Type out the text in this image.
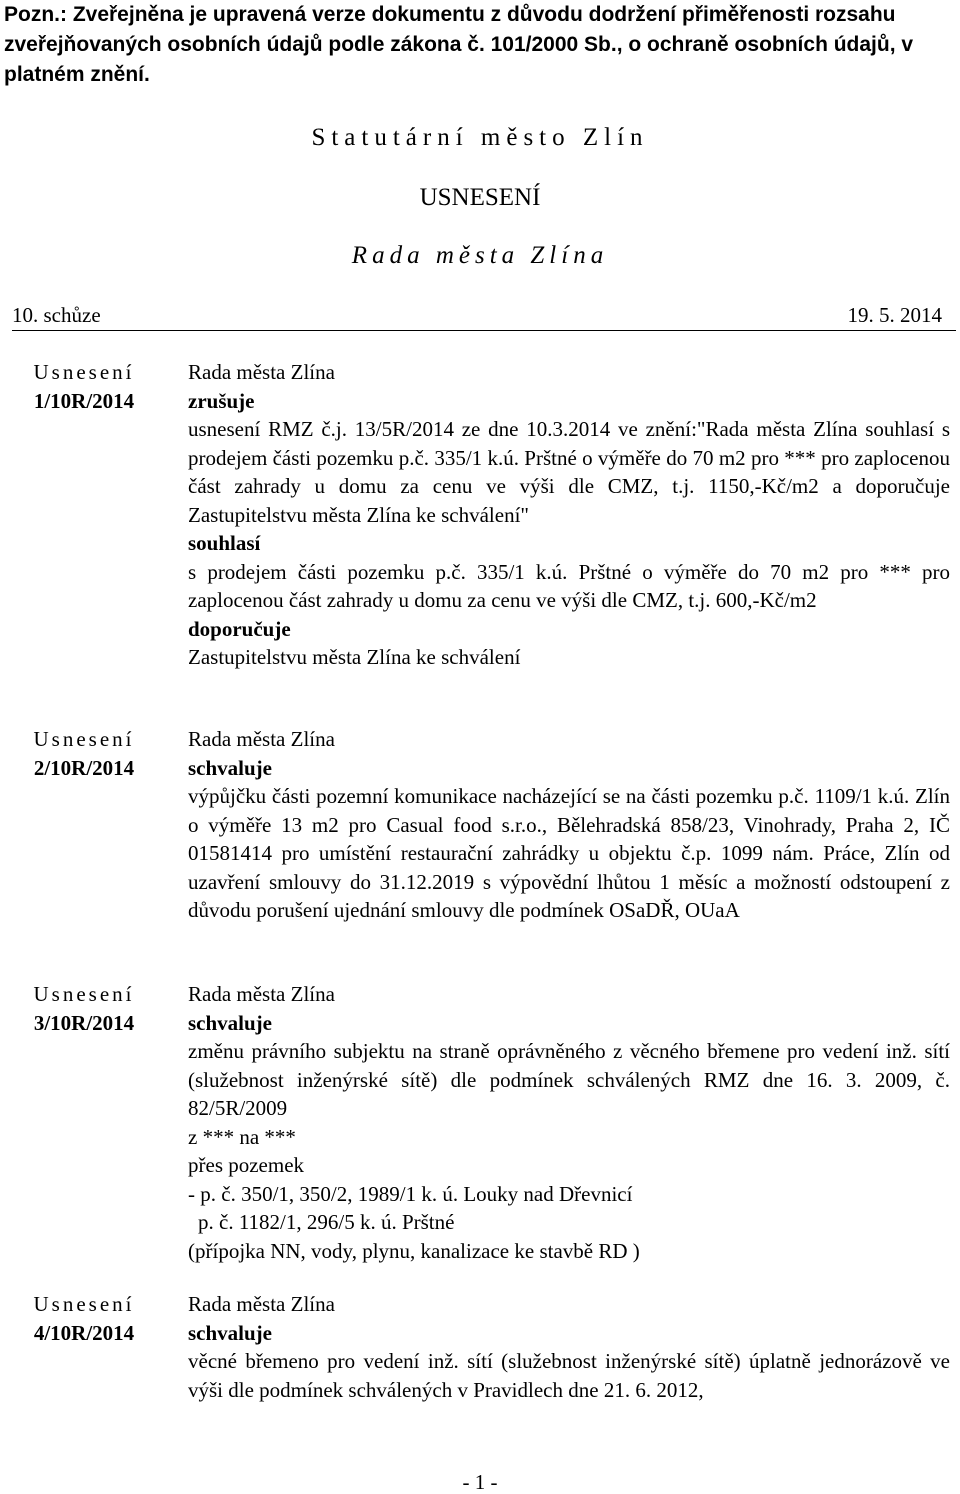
Pozn.: Zveřejněna je upravená verze dokumentu z důvodu dodržení přiměřenosti rozsahu zveřejňovaných osobních údajů podle zákona č. 101/2000 Sb., o ochraně osobních údajů, v platném znění.
Statutární město Zlín
USNESENÍ
Rada města Zlína
10. schůze	19. 5. 2014
Usnesení
1/10R/2014

Rada města Zlína

zrušuje

usnesení RMZ č.j. 13/5R/2014 ze dne 10.3.2014 ve znění:"Rada města Zlína souhlasí s prodejem části pozemku p.č. 335/1 k.ú. Prštné o výměře do 70 m2 pro *** pro zaplocenou část zahrady u domu za cenu ve výši dle CMZ, t.j. 1150,-Kč/m2 a doporučuje Zastupitelstvu města Zlína ke schválení"

souhlasí

s prodejem části pozemku p.č. 335/1 k.ú. Prštné o výměře do 70 m2 pro *** pro zaplocenou část zahrady u domu za cenu ve výši dle CMZ, t.j. 600,-Kč/m2

doporučuje

Zastupitelstvu města Zlína ke schválení

Usnesení
2/10R/2014

Rada města Zlína

schvaluje

výpůjčku části pozemní komunikace nacházející se na části pozemku p.č. 1109/1 k.ú. Zlín o výměře 13 m2 pro Casual food s.r.o., Bělehradská 858/23, Vinohrady, Praha 2, IČ 01581414 pro umístění restaurační zahrádky u objektu č.p. 1099 nám. Práce, Zlín od uzavření smlouvy do 31.12.2019 s výpovědní lhůtou 1 měsíc a možností odstoupení z důvodu porušení ujednání smlouvy dle podmínek OSaDŘ, OUaA

Usnesení
3/10R/2014

Rada města Zlína

schvaluje

změnu právního subjektu na straně oprávněného z věcného břemene pro vedení inž. sítí (služebnost inženýrské sítě) dle podmínek schválených RMZ dne 16. 3. 2009, č. 82/5R/2009

z *** na ***

přes pozemek

- p. č. 350/1, 350/2, 1989/1 k. ú. Louky nad Dřevnicí

p. č. 1182/1, 296/5 k. ú. Prštné

(přípojka NN, vody, plynu, kanalizace ke stavbě RD )

Usnesení
4/10R/2014

Rada města Zlína

schvaluje

věcné břemeno pro vedení inž. sítí (služebnost inženýrské sítě) úplatně jednorázově ve výši dle podmínek schválených v Pravidlech dne 21. 6. 2012,

- 1 -
